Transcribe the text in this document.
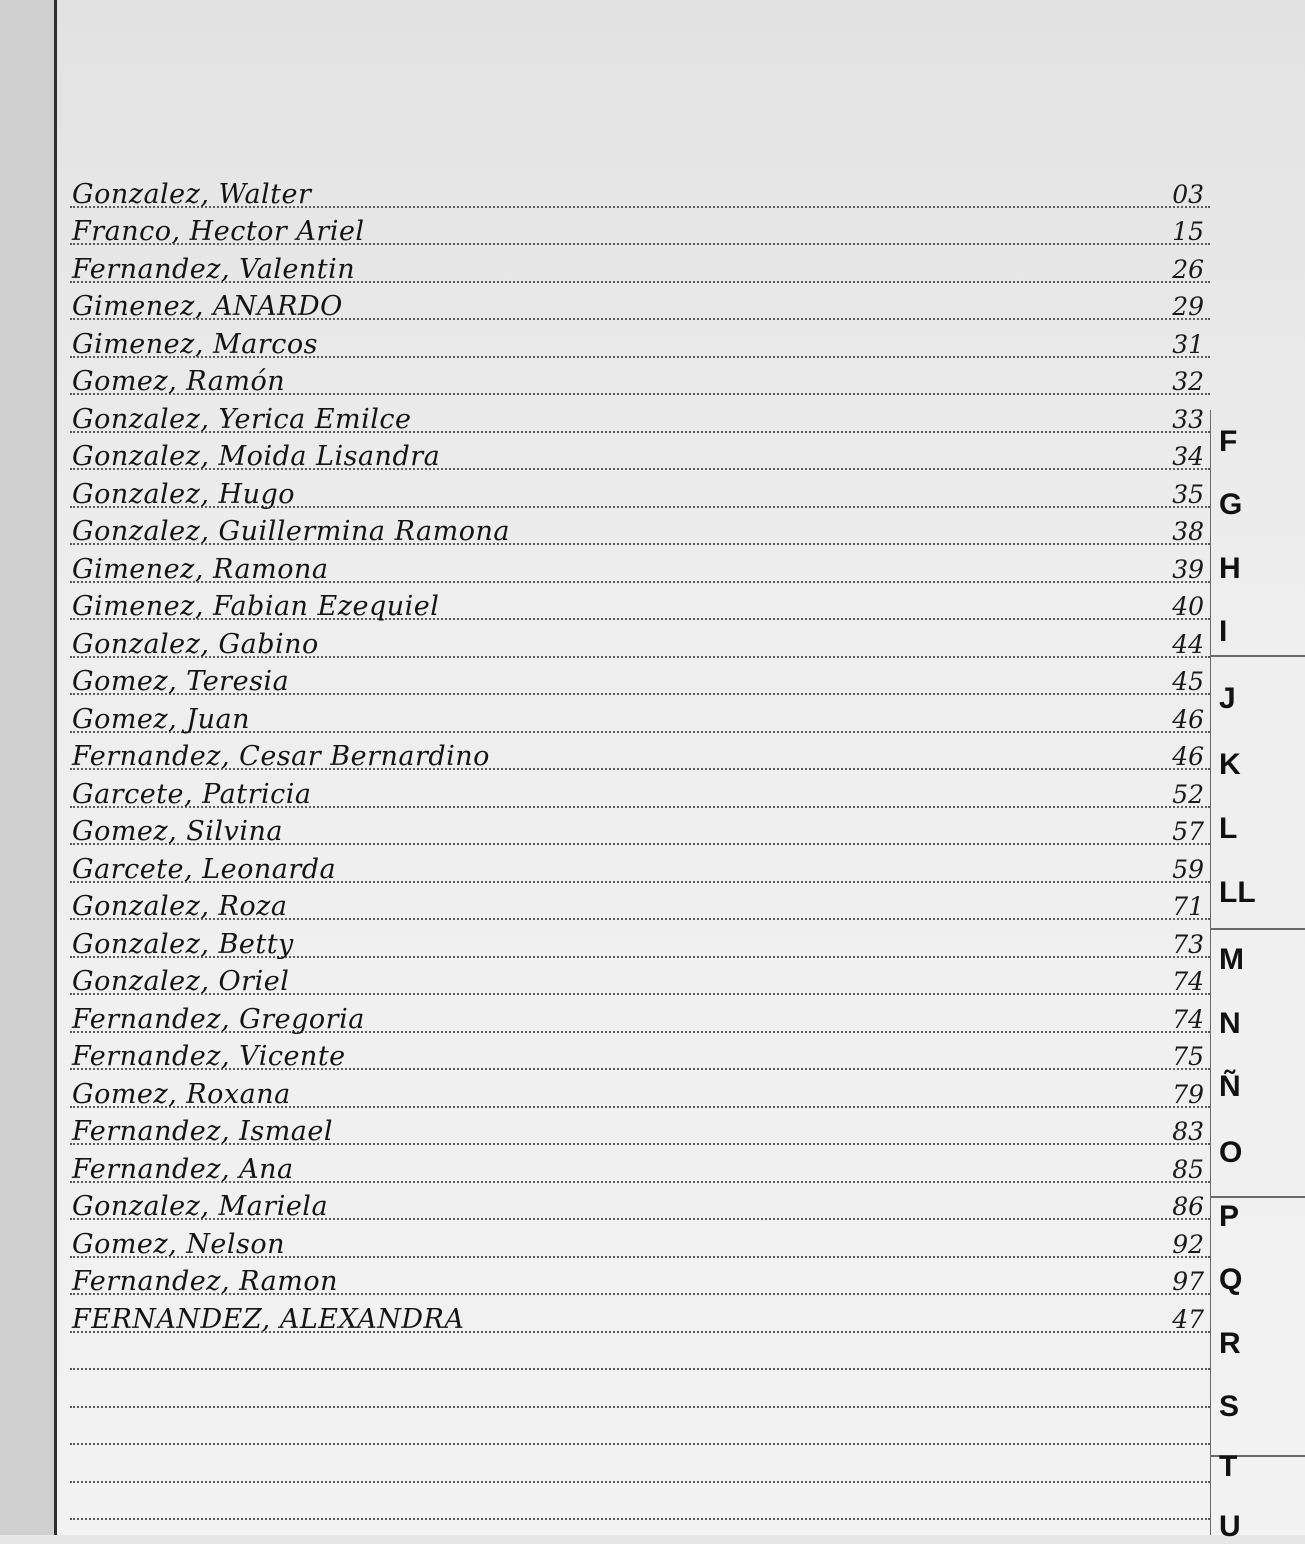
Gonzalez, Walter	03
Franco, Hector Ariel	15
Fernandez, Valentin	26
Gimenez, ANARDO	29
Gimenez, Marcos	31
Gomez, Ramón	32
Gonzalez, Yerica Emilce	33
Gonzalez, Moida Lisandra	34
Gonzalez, Hugo	35
Gonzalez, Guillermina Ramona	38
Gimenez, Ramona	39
Gimenez, Fabian Ezequiel	40
Gonzalez, Gabino	44
Gomez, Teresia	45
Gomez, Juan	46
Fernandez, Cesar Bernardino	46
Garcete, Patricia	52
Gomez, Silvina	57
Garcete, Leonarda	59
Gonzalez, Roza	71
Gonzalez, Betty	73
Gonzalez, Oriel	74
Fernandez, Gregoria	74
Fernandez, Vicente	75
Gomez, Roxana	79
Fernandez, Ismael	83
Fernandez, Ana	85
Gonzalez, Mariela	86
Gomez, Nelson	92
Fernandez, Ramon	97
FERNANDEZ, ALEXANDRA	47
F
G
H
I
J
K
L
LL
M
N
Ñ
O
P
Q
R
S
T
U
